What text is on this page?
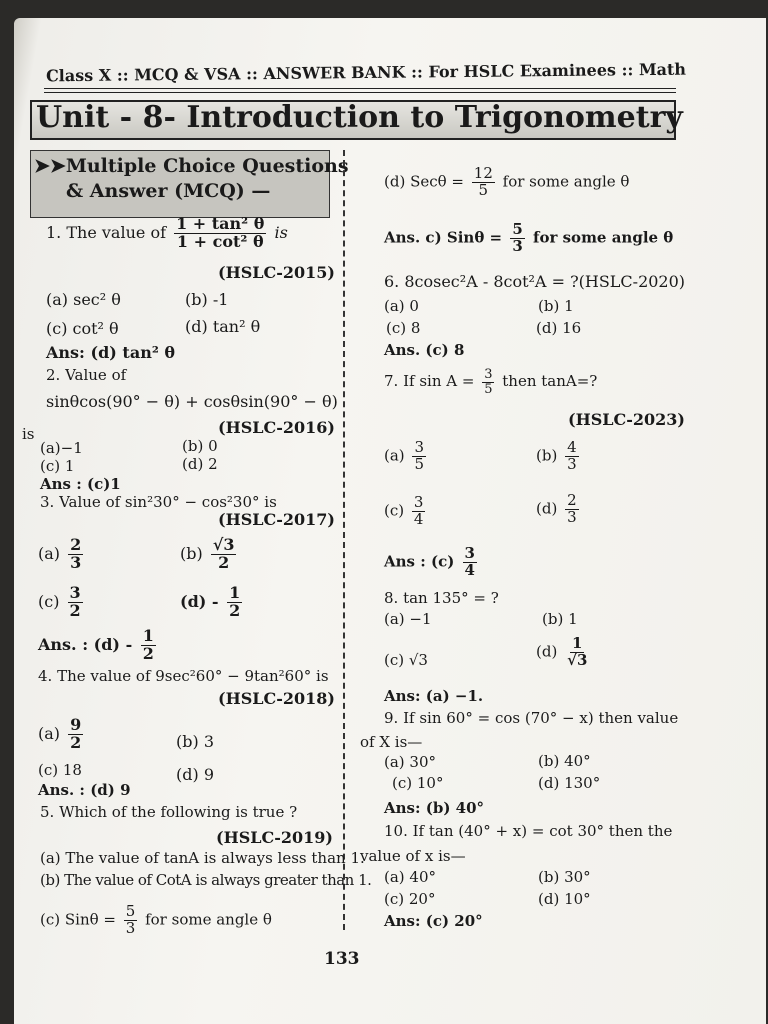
Class X :: MCQ & VSA :: ANSWER BANK :: For HSLC Examinees :: Math
Unit - 8- Introduction to Trigonometry
➤➤Multiple Choice Questions
& Answer (MCQ) —
1. The value of $\frac{\text{1 + tan² θ}}{\text{1 + cot² θ}}$ is
(HSLC-2015)
(a) sec² θ	(b) -1
(c) cot² θ	(d) tan² θ
Ans: (d) tan² θ
2. Value of
sinθcos(90° − θ) + cosθsin(90° − θ)
is	(HSLC-2016)
(a)−1	(b) 0
(c) 1	(d) 2
Ans : (c)1
3. Value of sin²30° − cos²30° is
(HSLC-2017)
$(a) \frac{2}{3}$	$(b) \frac{√3}{2}$
$(c) \frac{3}{2}$	$(d) - \frac{1}{2}$
Ans. : $(d) - \frac{1}{2}$
4. The value of 9sec²60° − 9tan²60° is
(HSLC-2018)
$(a) \frac{9}{2}$	(b) 3
(c) 18	(d) 9
Ans. : (d) 9
5. Which of the following is true ?
(HSLC-2019)
(a) The value of tanA is always less than 1.
(b) The value of CotA is always greater than 1.
(c) $Sin\theta = \frac{5}{3}$ for some angle θ
(d) $Sec\theta = \frac{12}{5}$ for some angle θ
Ans. c) $Sin\theta = \frac{5}{3}$ for some angle θ
6. 8cosec²A - 8cot²A = ?(HSLC-2020)
(a) 0	(b) 1
(c) 8	(d) 16
Ans. (c) 8
7. If $\sin A = \frac{3}{5}$ then tanA=?
(HSLC-2023)
$(a) \frac{3}{5}$	$(b) \frac{4}{3}$
$(c) \frac{3}{4}$	$(d) \frac{2}{3}$
Ans : $(c) \frac{3}{4}$
8. tan 135° = ?
(a) −1	(b) 1
(c) √3	$(d) \frac{1}{√3}$
Ans: (a) −1.
9. If sin 60° = cos (70° − x) then value
of X is—
(a) 30°	(b) 40°
(c) 10°	(d) 130°
Ans: (b) 40°
10. If tan (40° + x) = cot 30° then the
value of x is—
(a) 40°	(b) 30°
(c) 20°	(d) 10°
Ans: (c) 20°
133
